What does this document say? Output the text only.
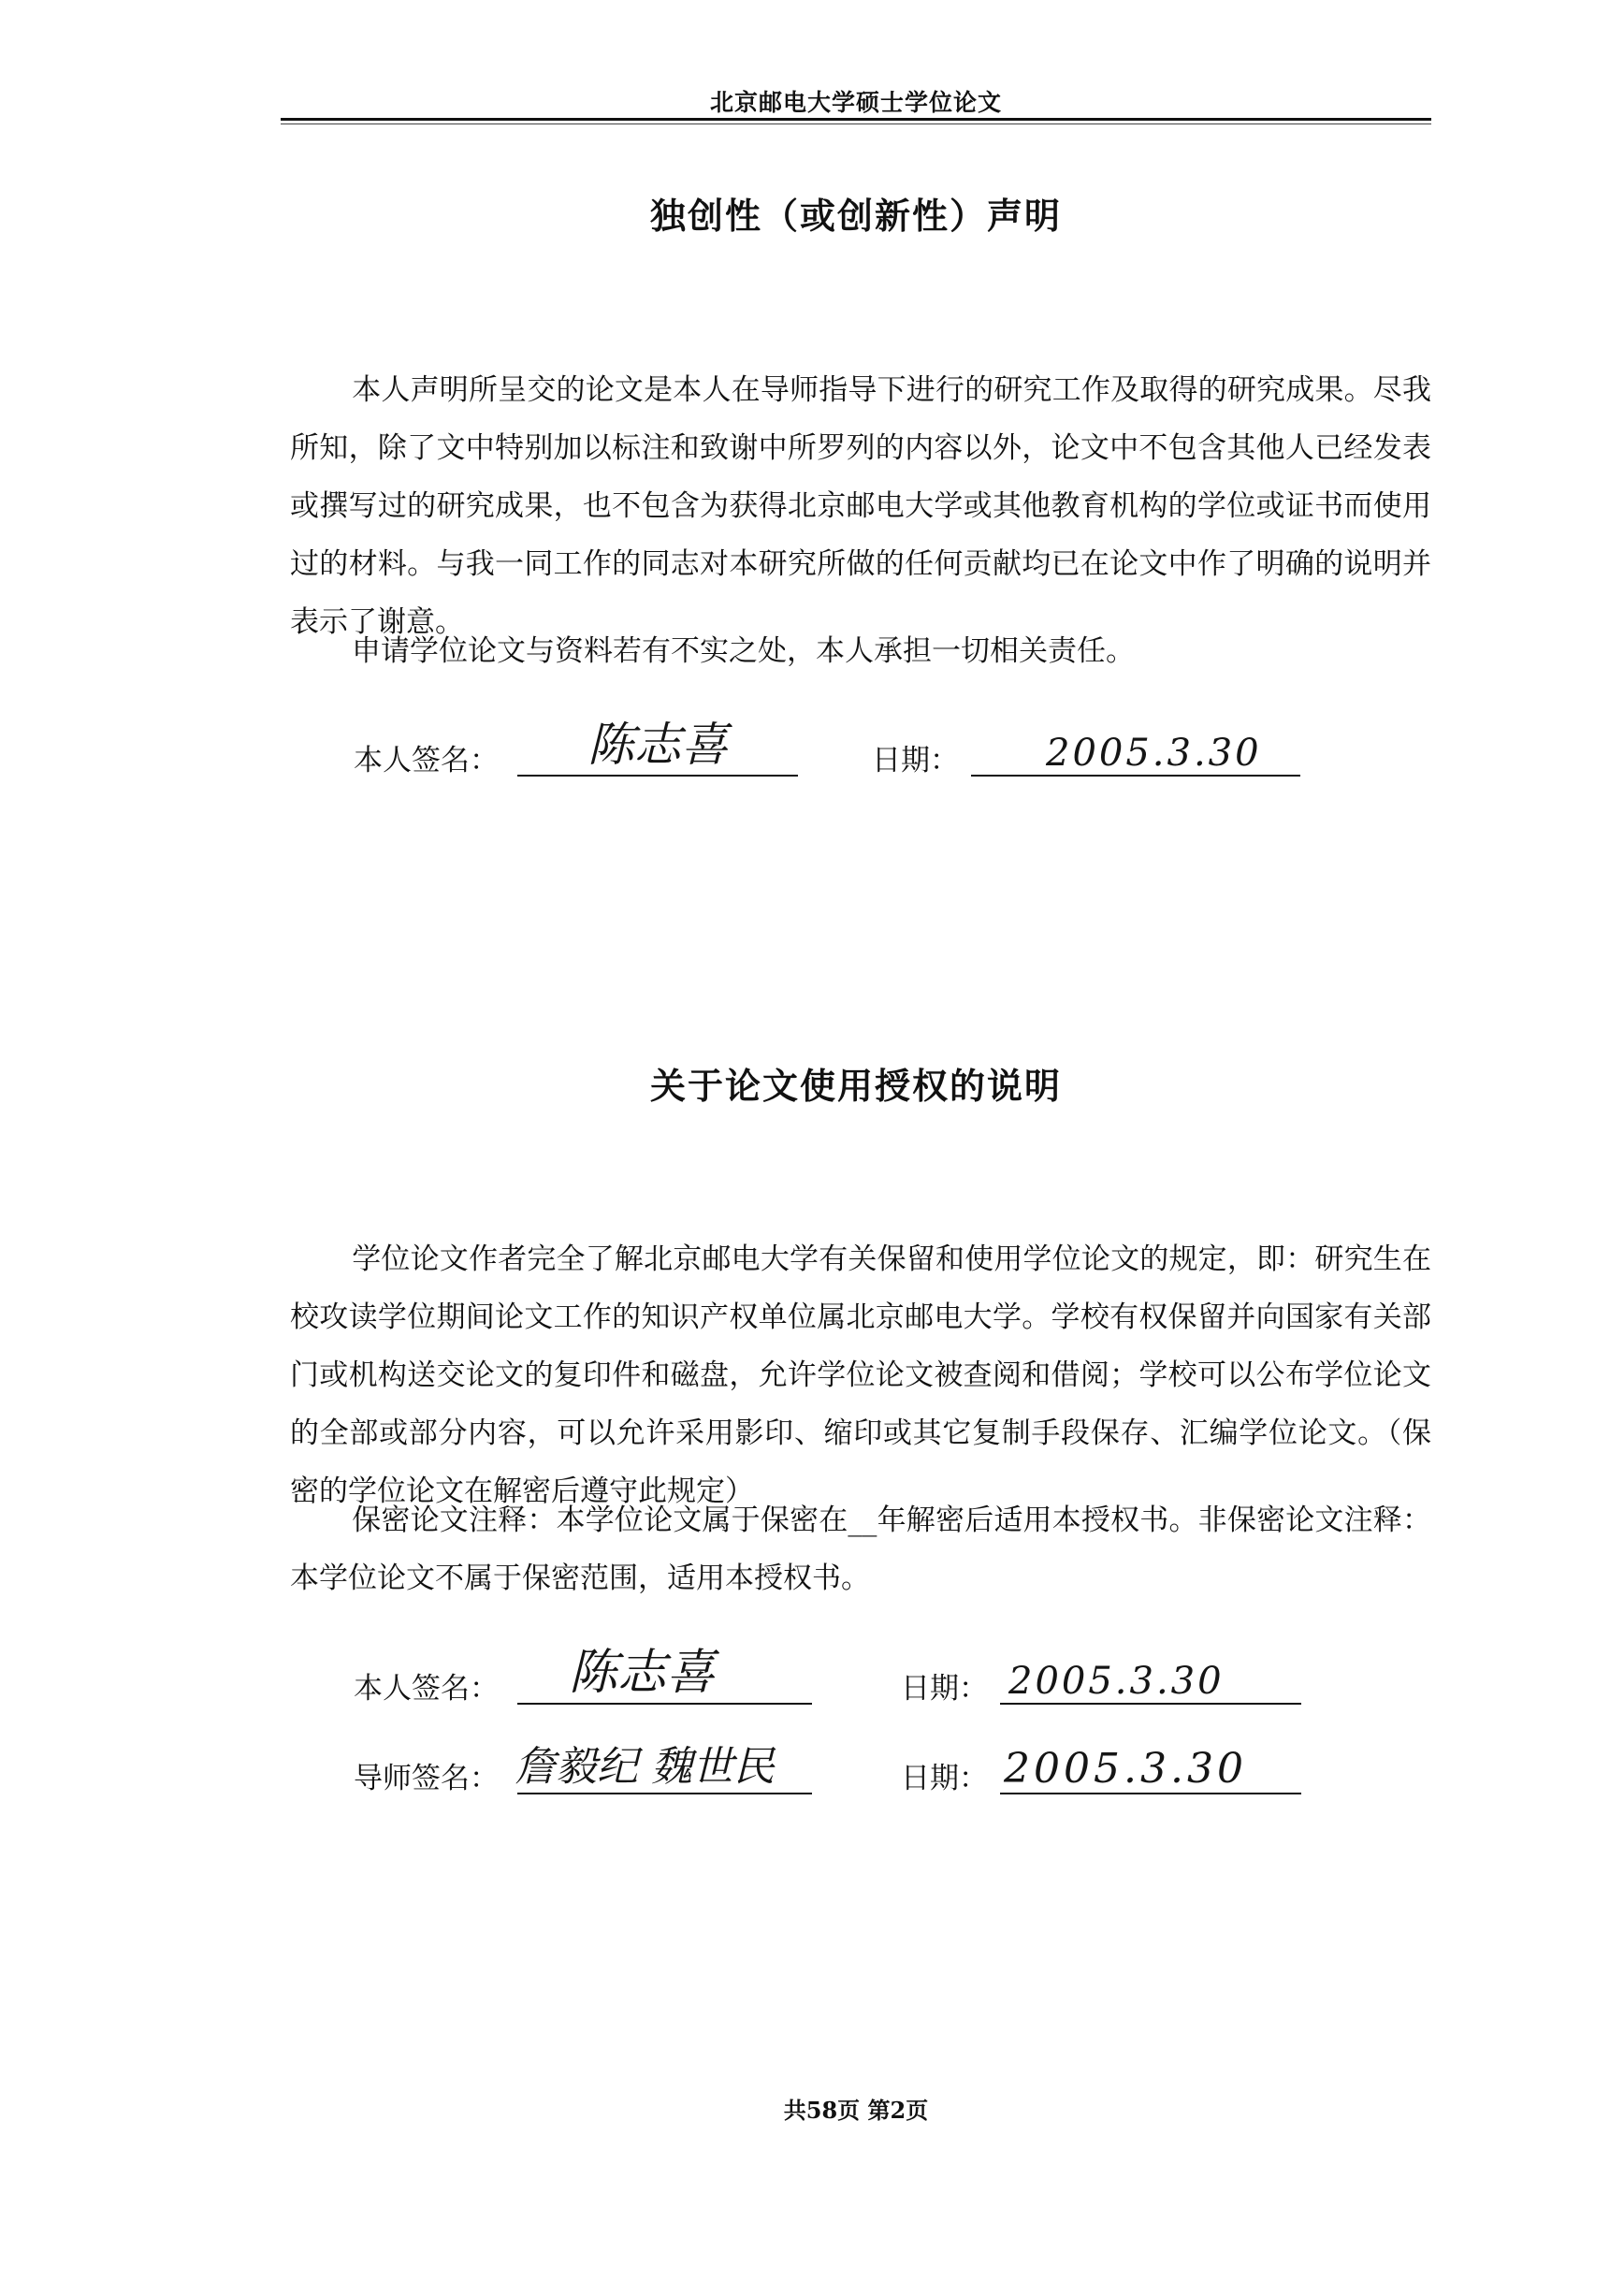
北京邮电大学硕士学位论文
独创性（或创新性）声明

本人声明所呈交的论文是本人在导师指导下进行的研究工作及取得的研究成果。尽我所知，除了文中特别加以标注和致谢中所罗列的内容以外，论文中不包含其他人已经发表或撰写过的研究成果，也不包含为获得北京邮电大学或其他教育机构的学位或证书而使用过的材料。与我一同工作的同志对本研究所做的任何贡献均已在论文中作了明确的说明并表示了谢意。

申请学位论文与资料若有不实之处，本人承担一切相关责任。

本人签名： 陈志喜	日期： 2005.3.30
关于论文使用授权的说明

学位论文作者完全了解北京邮电大学有关保留和使用学位论文的规定，即：研究生在校攻读学位期间论文工作的知识产权单位属北京邮电大学。学校有权保留并向国家有关部门或机构送交论文的复印件和磁盘，允许学位论文被查阅和借阅；学校可以公布学位论文的全部或部分内容，可以允许采用影印、缩印或其它复制手段保存、汇编学位论文。（保密的学位论文在解密后遵守此规定）

保密论文注释：本学位论文属于保密在__年解密后适用本授权书。非保密论文注释：本学位论文不属于保密范围，适用本授权书。

本人签名： 陈志喜	日期： 2005.3.30
导师签名： 詹毅纪 魏世民	日期： 2005.3.30
共58页 第2页
